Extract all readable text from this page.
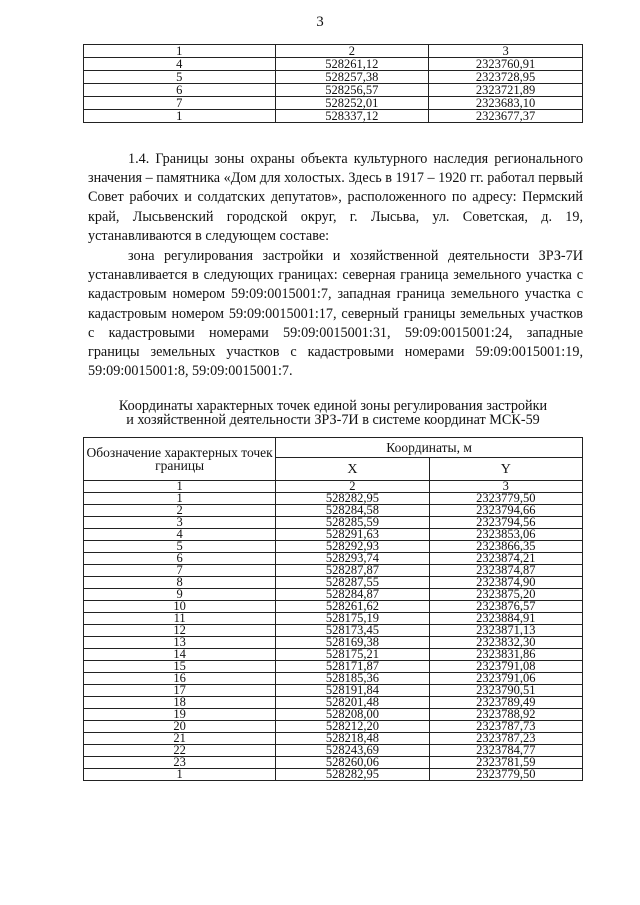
3
1	2	3
4	528261,12	2323760,91
5	528257,38	2323728,95
6	528256,57	2323721,89
7	528252,01	2323683,10
1	528337,12	2323677,37
1.4. Границы зоны охраны объекта культурного наследия регионального значения – памятника «Дом для холостых. Здесь в 1917 – 1920 гг. работал первый Совет рабочих и солдатских депутатов», расположенного по адресу: Пермский край, Лысьвенский городской округ, г. Лысьва, ул. Советская, д. 19, устанавливаются в следующем составе:
зона регулирования застройки и хозяйственной деятельности ЗРЗ-7И устанавливается в следующих границах: северная граница земельного участка с кадастровым номером 59:09:0015001:7, западная граница земельного участка с кадастровым номером 59:09:0015001:17, северный границы земельных участков с кадастровыми номерами 59:09:0015001:31, 59:09:0015001:24, западные границы земельных участков с кадастровыми номерами 59:09:0015001:19, 59:09:0015001:8, 59:09:0015001:7.
Координаты характерных точек единой зоны регулирования застройки
и хозяйственной деятельности ЗРЗ-7И в системе координат МСК-59
Обозначение характерных точек границы	Координаты, м	
	X	Y
1	2	3
1	528282,95	2323779,50
2	528284,58	2323794,66
3	528285,59	2323794,56
4	528291,63	2323853,06
5	528292,93	2323866,35
6	528293,74	2323874,21
7	528287,87	2323874,87
8	528287,55	2323874,90
9	528284,87	2323875,20
10	528261,62	2323876,57
11	528175,19	2323884,91
12	528173,45	2323871,13
13	528169,38	2323832,30
14	528175,21	2323831,86
15	528171,87	2323791,08
16	528185,36	2323791,06
17	528191,84	2323790,51
18	528201,48	2323789,49
19	528208,00	2323788,92
20	528212,20	2323787,73
21	528218,48	2323787,23
22	528243,69	2323784,77
23	528260,06	2323781,59
1	528282,95	2323779,50
